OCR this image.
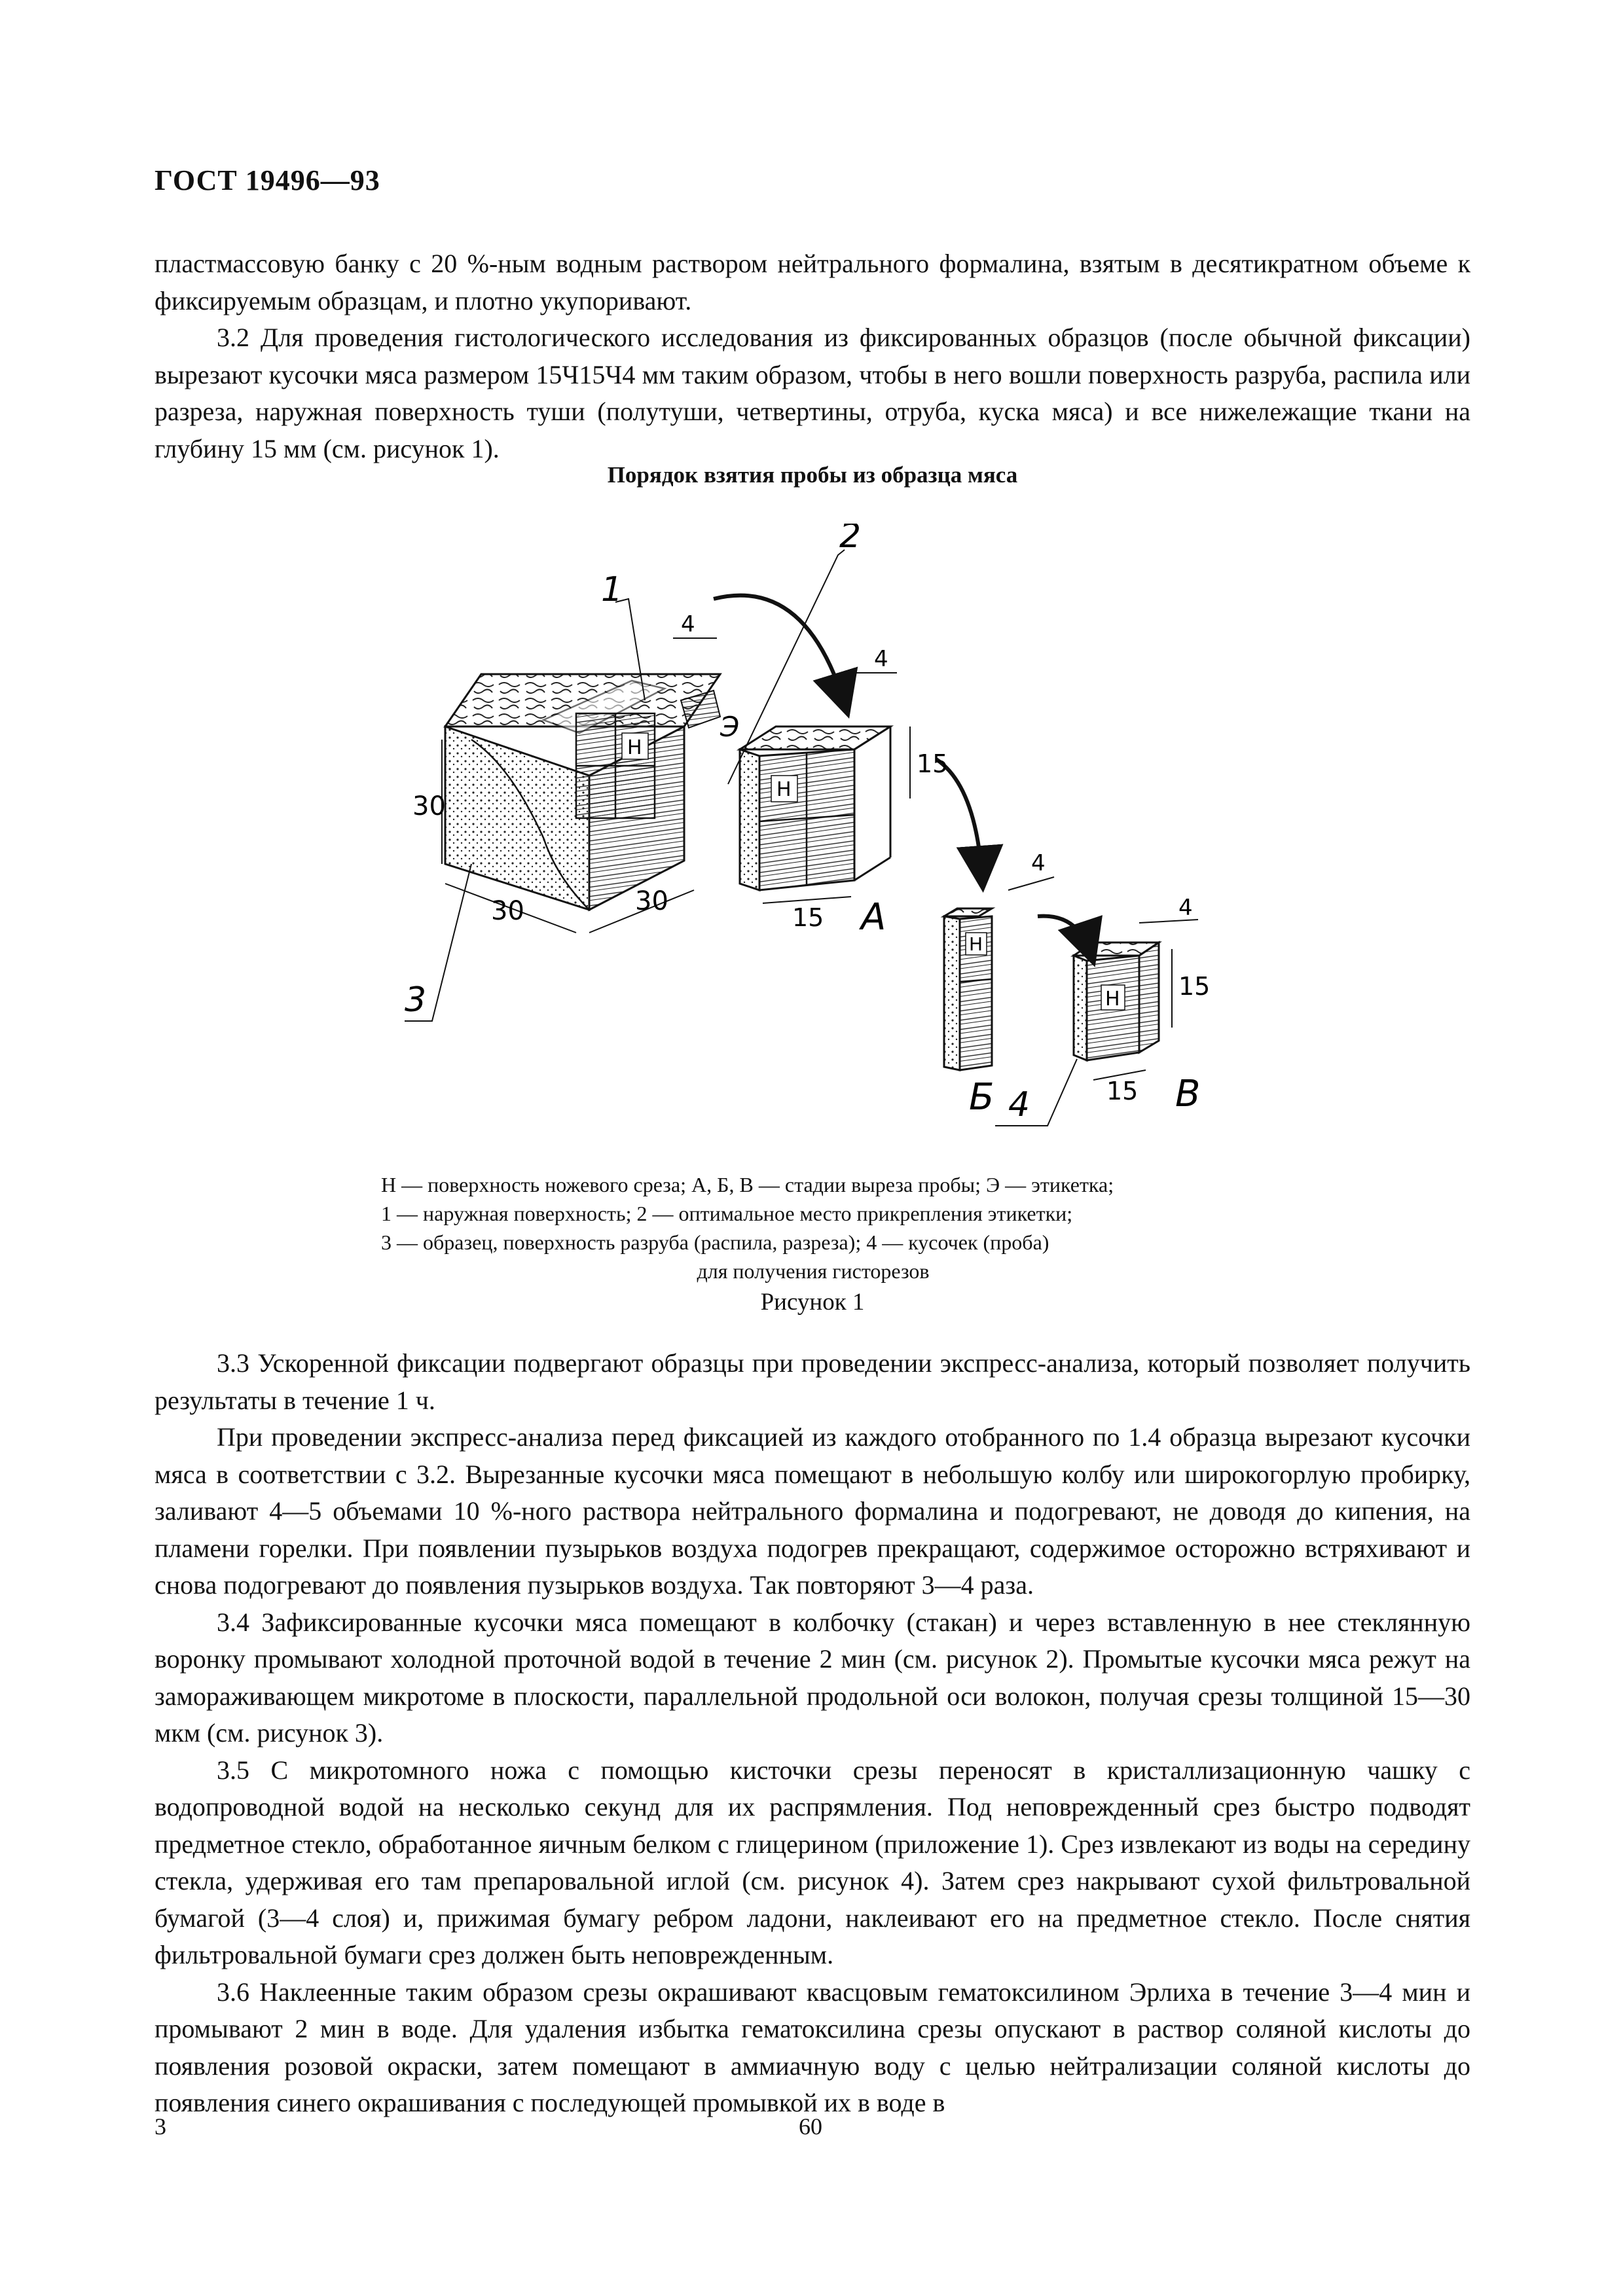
ГОСТ 19496—93

пластмассовую банку с 20 %-ным водным раствором нейтрального формалина, взятым в десятикратном объеме к фиксируемым образцам, и плотно укупоривают.

3.2 Для проведения гистологического исследования из фиксированных образцов (после обычной фиксации) вырезают кусочки мяса размером 15Ч15Ч4 мм таким образом, чтобы в него вошли поверхность разруба, распила или разреза, наружная поверхность туши (полутуши, четвертины, отруба, куска мяса) и все нижележащие ткани на глубину 15 мм (см. рисунок 1).

Порядок взятия пробы из образца мяса
1
2
3
4
Э
30
30	30
4
4
4
4
15
15
15
15
Н
Н
Н
Н
А
Б	В
Н — поверхность ножевого среза; А, Б, В — стадии выреза пробы; Э — этикетка;
1 — наружная поверхность; 2 — оптимальное место прикрепления этикетки;
3 — образец, поверхность разруба (распила, разреза); 4 — кусочек (проба)
для получения гисторезов
Рисунок 1

3.3 Ускоренной фиксации подвергают образцы при проведении экспресс-анализа, который позволяет получить результаты в течение 1 ч.

При проведении экспресс-анализа перед фиксацией из каждого отобранного по 1.4 образца вырезают кусочки мяса в соответствии с 3.2. Вырезанные кусочки мяса помещают в небольшую колбу или широкогорлую пробирку, заливают 4—5 объемами 10 %-ного раствора нейтрального формалина и подогревают, не доводя до кипения, на пламени горелки. При появлении пузырьков воздуха подогрев прекращают, содержимое осторожно встряхивают и снова подогревают до появления пузырьков воздуха. Так повторяют 3—4 раза.

3.4 Зафиксированные кусочки мяса помещают в колбочку (стакан) и через вставленную в нее стеклянную воронку промывают холодной проточной водой в течение 2 мин (см. рисунок 2). Промытые кусочки мяса режут на замораживающем микротоме в плоскости, параллельной продольной оси волокон, получая срезы толщиной 15—30 мкм (см. рисунок 3).

3.5 С микротомного ножа с помощью кисточки срезы переносят в кристаллизационную чашку с водопроводной водой на несколько секунд для их распрямления. Под неповрежденный срез быстро подводят предметное стекло, обработанное яичным белком с глицерином (приложение 1). Срез извлекают из воды на середину стекла, удерживая его там препаровальной иглой (см. рисунок 4). Затем срез накрывают сухой фильтровальной бумагой (3—4 слоя) и, прижимая бумагу ребром ладони, наклеивают его на предметное стекло. После снятия фильтровальной бумаги срез должен быть неповрежденным.

3.6 Наклеенные таким образом срезы окрашивают квасцовым гематоксилином Эрлиха в течение 3—4 мин и промывают 2 мин в воде. Для удаления избытка гематоксилина срезы опускают в раствор соляной кислоты до появления розовой окраски, затем помещают в аммиачную воду с целью нейтрализации соляной кислоты до появления синего окрашивания с последующей промывкой их в воде в

3	60
